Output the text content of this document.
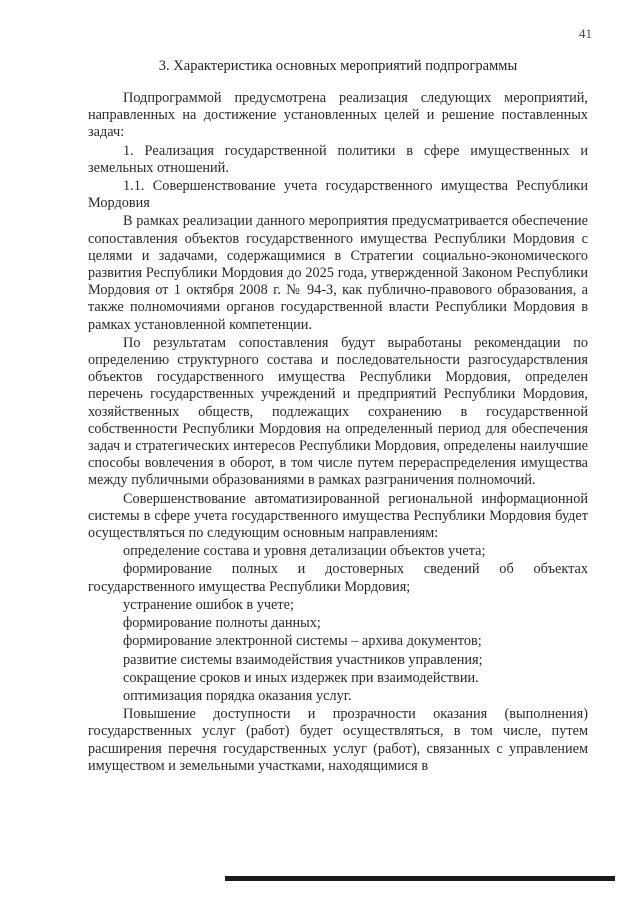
41
3. Характеристика основных мероприятий подпрограммы

Подпрограммой предусмотрена реализация следующих мероприятий, направленных на достижение установленных целей и решение поставленных задач:

1. Реализация государственной политики в сфере имущественных и земельных отношений.

1.1. Совершенствование учета государственного имущества Республики Мордовия

В рамках реализации данного мероприятия предусматривается обеспечение сопоставления объектов государственного имущества Республики Мордовия с целями и задачами, содержащимися в Стратегии социально-экономического развития Республики Мордовия до 2025 года, утвержденной Законом Республики Мордовия от 1 октября 2008 г. № 94-З, как публично-правового образования, а также полномочиями органов государственной власти Республики Мордовия в рамках установленной компетенции.

По результатам сопоставления будут выработаны рекомендации по определению структурного состава и последовательности разгосударствления объектов государственного имущества Республики Мордовия, определен перечень государственных учреждений и предприятий Республики Мордовия, хозяйственных обществ, подлежащих сохранению в государственной собственности Республики Мордовия на определенный период для обеспечения задач и стратегических интересов Республики Мордовия, определены наилучшие способы вовлечения в оборот, в том числе путем перераспределения имущества между публичными образованиями в рамках разграничения полномочий.

Совершенствование автоматизированной региональной информационной системы в сфере учета государственного имущества Республики Мордовия будет осуществляться по следующим основным направлениям:

определение состава и уровня детализации объектов учета;

формирование полных и достоверных сведений об объектах государственного имущества Республики Мордовия;

устранение ошибок в учете;

формирование полноты данных;

формирование электронной системы – архива документов;

развитие системы взаимодействия участников управления;

сокращение сроков и иных издержек при взаимодействии.

оптимизация порядка оказания услуг.

Повышение доступности и прозрачности оказания (выполнения) государственных услуг (работ) будет осуществляться, в том числе, путем расширения перечня государственных услуг (работ), связанных с управлением имуществом и земельными участками, находящимися в
